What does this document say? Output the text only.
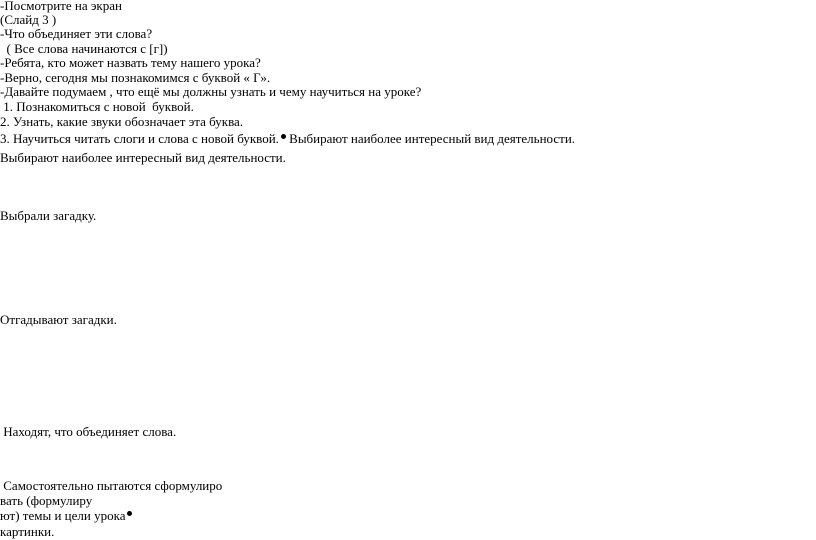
-Посмотрите на экран
(Слайд 3 )
-Что объединяет эти слова?
( Все слова начинаются с [г])
-Ребята, кто может назвать тему нашего урока?
-Верно, сегодня мы познакомимся с буквой « Г».
-Давайте подумаем , что ещё мы должны узнать и чему научиться на уроке?
1. Познакомиться с новой  буквой.
2. Узнать, какие звуки обозначает эта буква.
3. Научиться читать слоги и слова с новой буквой. Выбирают наиболее интересный вид деятельности.
Выбирают наиболее интересный вид деятельности.
Выбрали загадку.
Отгадывают загадки.
Находят, что объединяет слова.
Самостоятельно пытаются сформулиро
вать (формулиру
ют) темы и цели урока
картинки.
